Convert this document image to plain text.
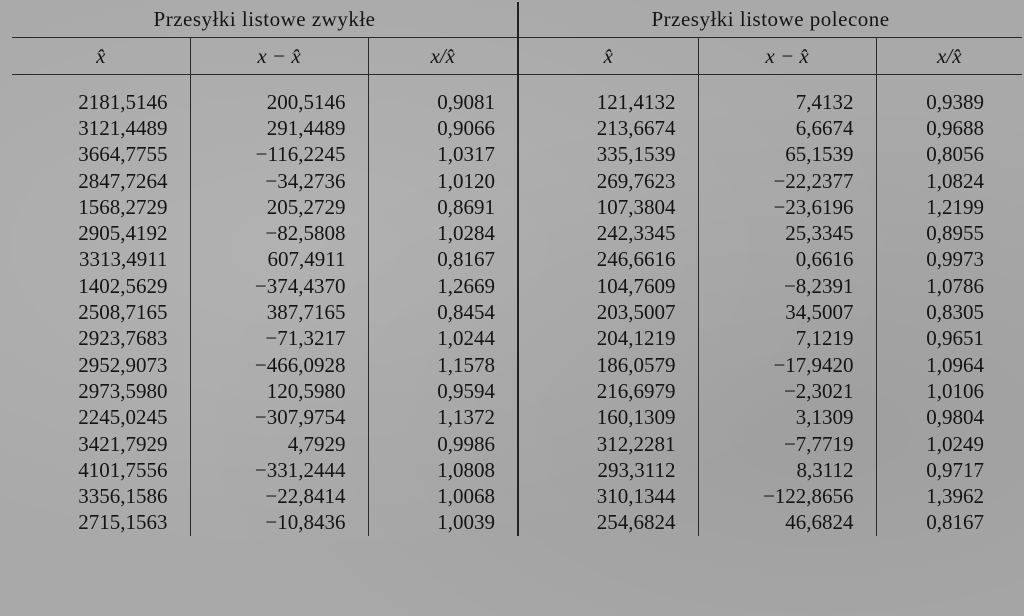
Przesyłki listowe zwykłe			Przesyłki listowe polecone		
x̂	x − x̂	x/x̂	x̂	x − x̂	x/x̂

2181,5146	200,5146	0,9081	121,4132	7,4132	0,9389
3121,4489	291,4489	0,9066	213,6674	6,6674	0,9688
3664,7755	−116,2245	1,0317	335,1539	65,1539	0,8056
2847,7264	−34,2736	1,0120	269,7623	−22,2377	1,0824
1568,2729	205,2729	0,8691	107,3804	−23,6196	1,2199
2905,4192	−82,5808	1,0284	242,3345	25,3345	0,8955
3313,4911	607,4911	0,8167	246,6616	0,6616	0,9973
1402,5629	−374,4370	1,2669	104,7609	−8,2391	1,0786
2508,7165	387,7165	0,8454	203,5007	34,5007	0,8305
2923,7683	−71,3217	1,0244	204,1219	7,1219	0,9651
2952,9073	−466,0928	1,1578	186,0579	−17,9420	1,0964
2973,5980	120,5980	0,9594	216,6979	−2,3021	1,0106
2245,0245	−307,9754	1,1372	160,1309	3,1309	0,9804
3421,7929	4,7929	0,9986	312,2281	−7,7719	1,0249
4101,7556	−331,2444	1,0808	293,3112	8,3112	0,9717
3356,1586	−22,8414	1,0068	310,1344	−122,8656	1,3962
2715,1563	−10,8436	1,0039	254,6824	46,6824	0,8167
